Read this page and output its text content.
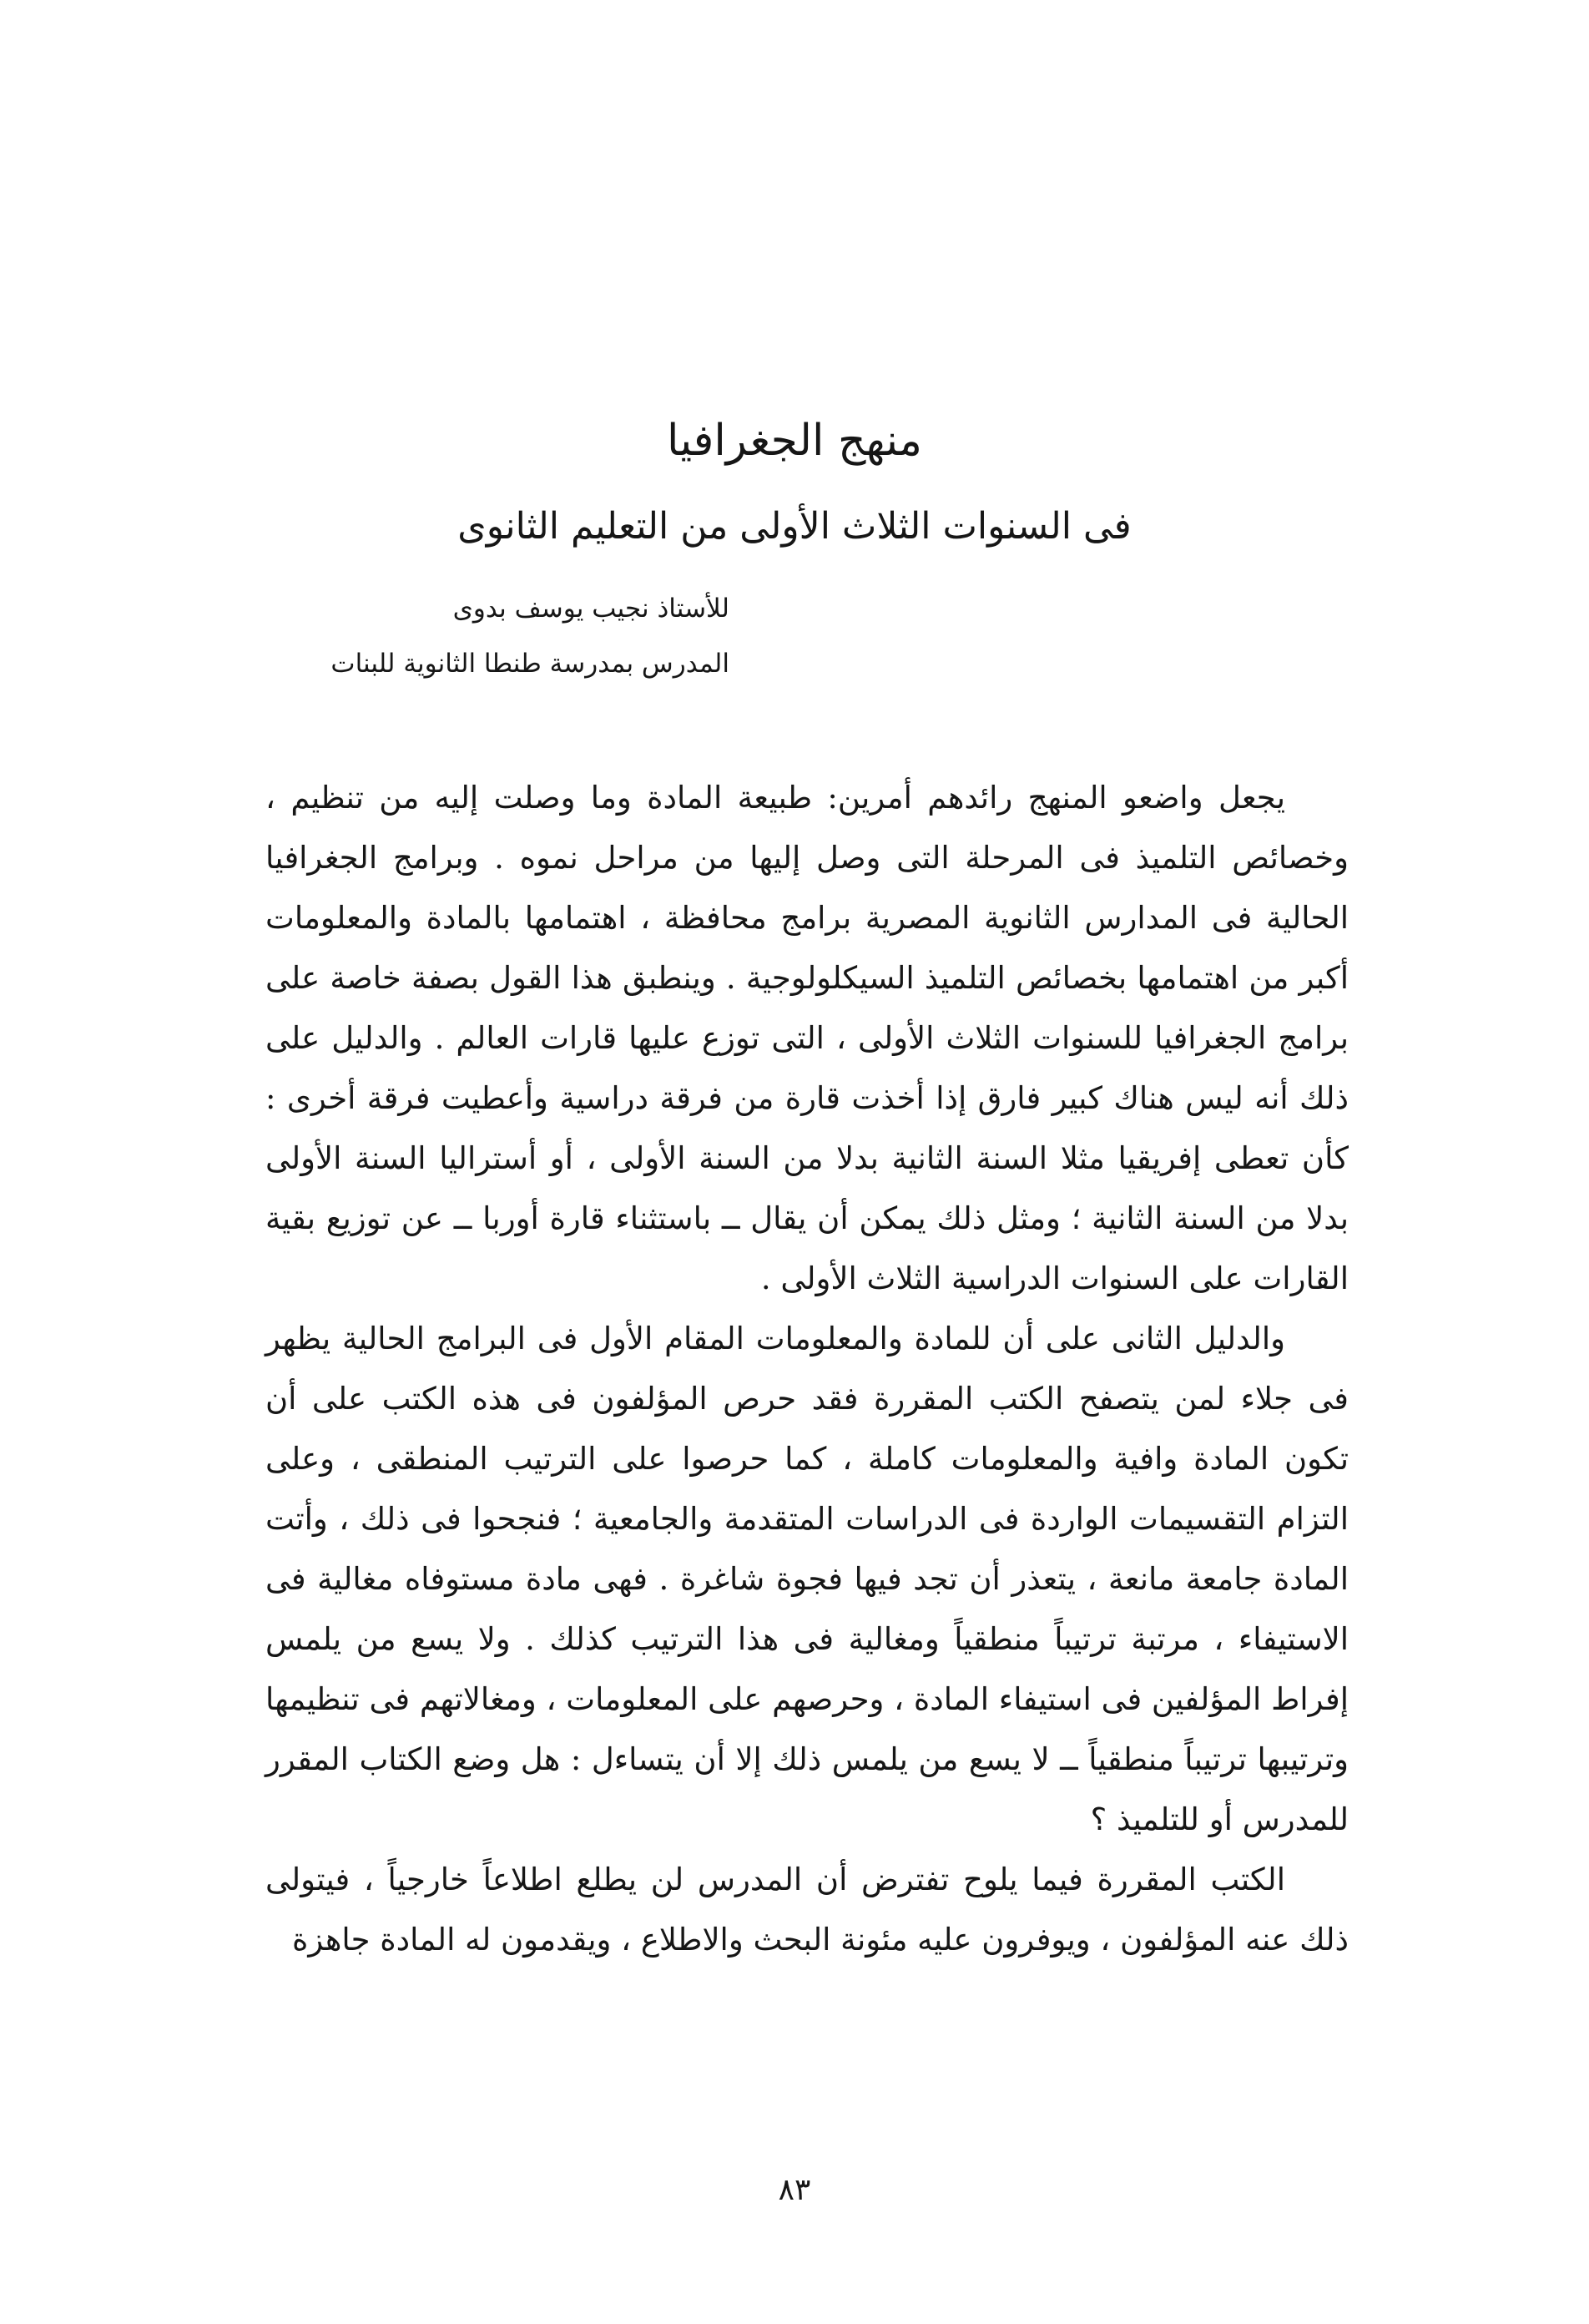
منهج الجغرافيا
فى السنوات الثلاث الأولى من التعليم الثانوى
للأستاذ نجيب يوسف بدوى
المدرس بمدرسة طنطا الثانوية للبنات

يجعل واضعو المنهج رائدهم أمرين: طبيعة المادة وما وصلت إليه من تنظيم ، وخصائص التلميذ فى المرحلة التى وصل إليها من مراحل نموه . وبرامج الجغرافيا الحالية فى المدارس الثانوية المصرية برامج محافظة ، اهتمامها بالمادة والمعلومات أكبر من اهتمامها بخصائص التلميذ السيكلولوجية . وينطبق هذا القول بصفة خاصة على برامج الجغرافيا للسنوات الثلاث الأولى ، التى توزع عليها قارات العالم . والدليل على ذلك أنه ليس هناك كبير فارق إذا أخذت قارة من فرقة دراسية وأعطيت فرقة أخرى : كأن تعطى إفريقيا مثلا السنة الثانية بدلا من السنة الأولى ، أو أستراليا السنة الأولى بدلا من السنة الثانية ؛ ومثل ذلك يمكن أن يقال ــ باستثناء قارة أوربا ــ عن توزيع بقية القارات على السنوات الدراسية الثلاث الأولى .

والدليل الثانى على أن للمادة والمعلومات المقام الأول فى البرامج الحالية يظهر فى جلاء لمن يتصفح الكتب المقررة فقد حرص المؤلفون فى هذه الكتب على أن تكون المادة وافية والمعلومات كاملة ، كما حرصوا على الترتيب المنطقى ، وعلى التزام التقسيمات الواردة فى الدراسات المتقدمة والجامعية ؛ فنجحوا فى ذلك ، وأتت المادة جامعة مانعة ، يتعذر أن تجد فيها فجوة شاغرة . فهى مادة مستوفاه مغالية فى الاستيفاء ، مرتبة ترتيباً منطقياً ومغالية فى هذا الترتيب كذلك . ولا يسع من يلمس إفراط المؤلفين فى استيفاء المادة ، وحرصهم على المعلومات ، ومغالاتهم فى تنظيمها وترتيبها ترتيباً منطقياً ــ لا يسع من يلمس ذلك إلا أن يتساءل : هل وضع الكتاب المقرر للمدرس أو للتلميذ ؟

الكتب المقررة فيما يلوح تفترض أن المدرس لن يطلع اطلاعاً خارجياً ، فيتولى ذلك عنه المؤلفون ، ويوفرون عليه مئونة البحث والاطلاع ، ويقدمون له المادة جاهزة

٨٣
